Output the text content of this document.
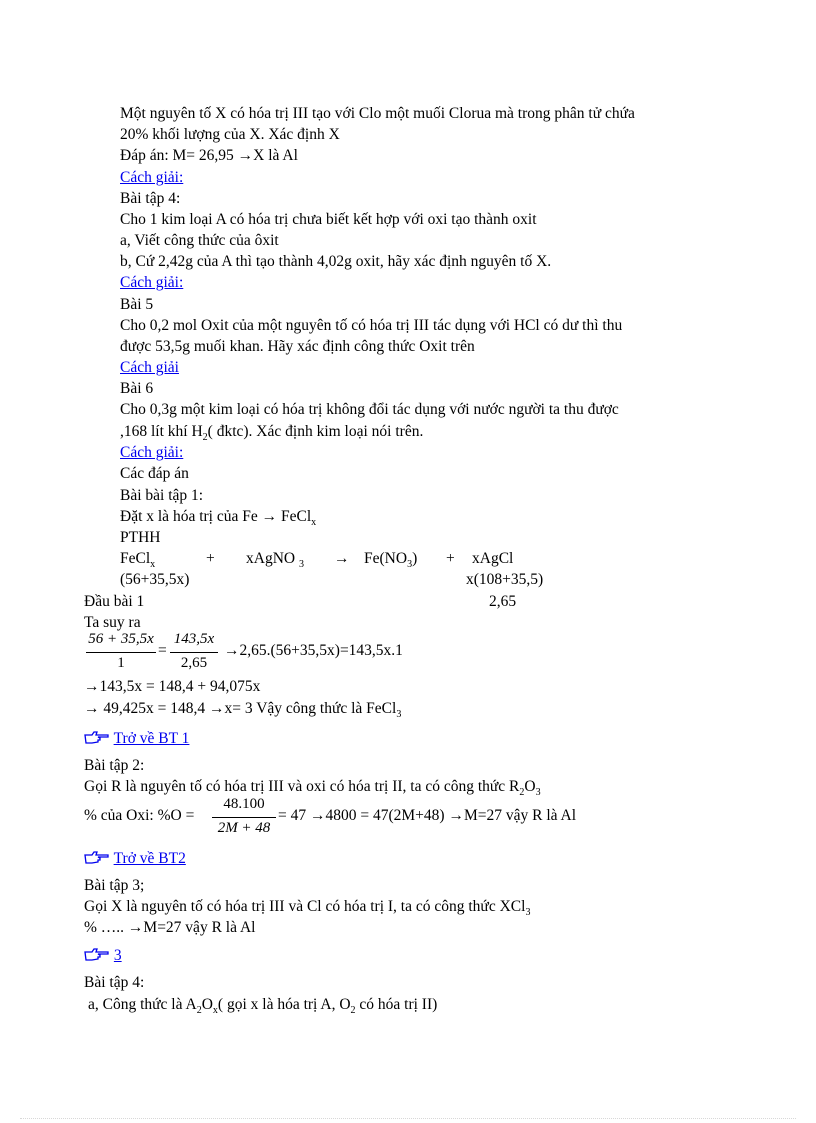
Một nguyên tố X có hóa trị III tạo với Clo một muối Clorua mà trong phân tử chứa
20% khối lượng của X. Xác định X
Đáp án: M= 26,95 →X là Al
Cách giải:
Bài tập 4:
Cho 1 kim loại A có hóa trị chưa biết kết hợp với oxi tạo thành oxit
a, Viết công thức của ôxit
b, Cứ 2,42g của A thì tạo thành 4,02g oxit, hãy xác định nguyên tố X.
Cách giải:
Bài 5
Cho 0,2 mol Oxit của một nguyên tố có hóa trị III tác dụng với HCl có dư thì thu
được 53,5g muối khan. Hãy xác định công thức Oxit trên
Cách giải
Bài 6
Cho 0,3g một kim loại có hóa trị không đổi tác dụng với nước người ta thu được
,168 lít khí $H_2$( đktc). Xác định kim loại nói trên.
Cách giải:
Các đáp án
Bài bài tập 1:
Đặt x là hóa trị của Fe → FeCl$_x$
PTHH
FeCl$_x$	+ xAgNO $_3 \to Fe(NO_3)$ + xAgCl
(56+35,5x)	x(108+35,5)
Đầu bài 1	2,65
Ta suy ra
56 + 35,5x
1
=
143,5x
2,65
→2,65.(56+35,5x)=143,5x.1
→143,5x = 148,4 + 94,075x
→ 49,425x = 148,4 →x= 3 Vậy công thức là FeCl$_3$
Trở về BT 1
Bài tập 2:
Gọi R là nguyên tố có hóa trị III và oxi có hóa trị II, ta có công thức $R_2O_3$
% của Oxi: %O =
48.100
2M + 48
= 47 →4800 = 47(2M+48) →M=27 vậy R là Al
Trở về BT2
Bài tập 3;
Gọi X là nguyên tố có hóa trị III và Cl có hóa trị I, ta có công thức XCl$_3$
% ….. →M=27 vậy R là Al
3
Bài tập 4:
a, Công thức là $A_2O_x$( gọi x là hóa trị A, $O_2$ có hóa trị II)
